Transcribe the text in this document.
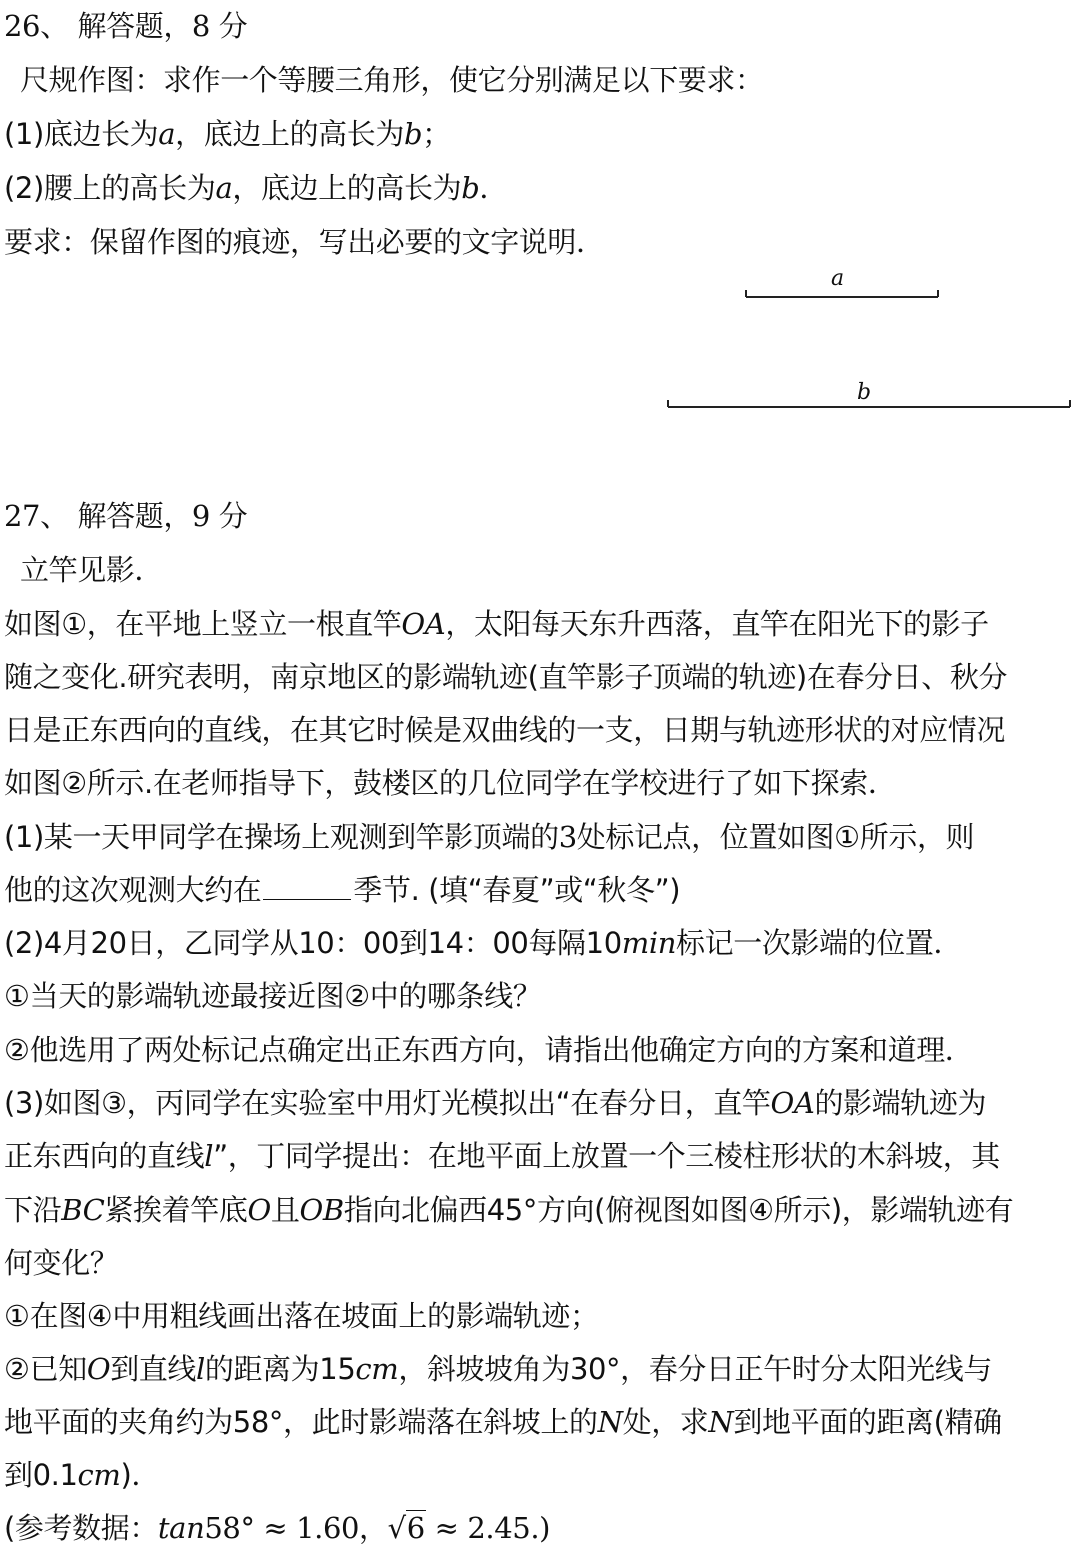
26、 解答题，8 分
尺规作图：求作一个等腰三角形，使它分别满足以下要求：
(1)底边长为a，底边上的高长为b；
(2)腰上的高长为a，底边上的高长为b．
要求：保留作图的痕迹，写出必要的文字说明．
a
b
27、 解答题，9 分
立竿见影．
如图①，在平地上竖立一根直竿OA，太阳每天东升西落，直竿在阳光下的影子
随之变化.研究表明，南京地区的影端轨迹(直竿影子顶端的轨迹)在春分日、秋分
日是正东西向的直线，在其它时候是双曲线的一支，日期与轨迹形状的对应情况
如图②所示.在老师指导下，鼓楼区的几位同学在学校进行了如下探索．
(1)某一天甲同学在操场上观测到竿影顶端的3处标记点，位置如图①所示，则
他的这次观测大约在	季节. (填“春夏”或“秋冬”)
(2)4月20日，乙同学从10：00到14：00每隔10min标记一次影端的位置．
①当天的影端轨迹最接近图②中的哪条线？
②他选用了两处标记点确定出正东西方向，请指出他确定方向的方案和道理．
(3)如图③，丙同学在实验室中用灯光模拟出“在春分日，直竿OA的影端轨迹为
正东西向的直线l”，丁同学提出：在地平面上放置一个三棱柱形状的木斜坡，其
下沿BC紧挨着竿底O且OB指向北偏西45°方向(俯视图如图④所示)，影端轨迹有
何变化？
①在图④中用粗线画出落在坡面上的影端轨迹；
②已知O到直线l的距离为15cm，斜坡坡角为30°，春分日正午时分太阳光线与
地平面的夹角约为58°，此时影端落在斜坡上的N处，求N到地平面的距离(精确
到0.1cm)．
(参考数据：tan58° ≈ 1.60，√6 ≈ 2.45.)
